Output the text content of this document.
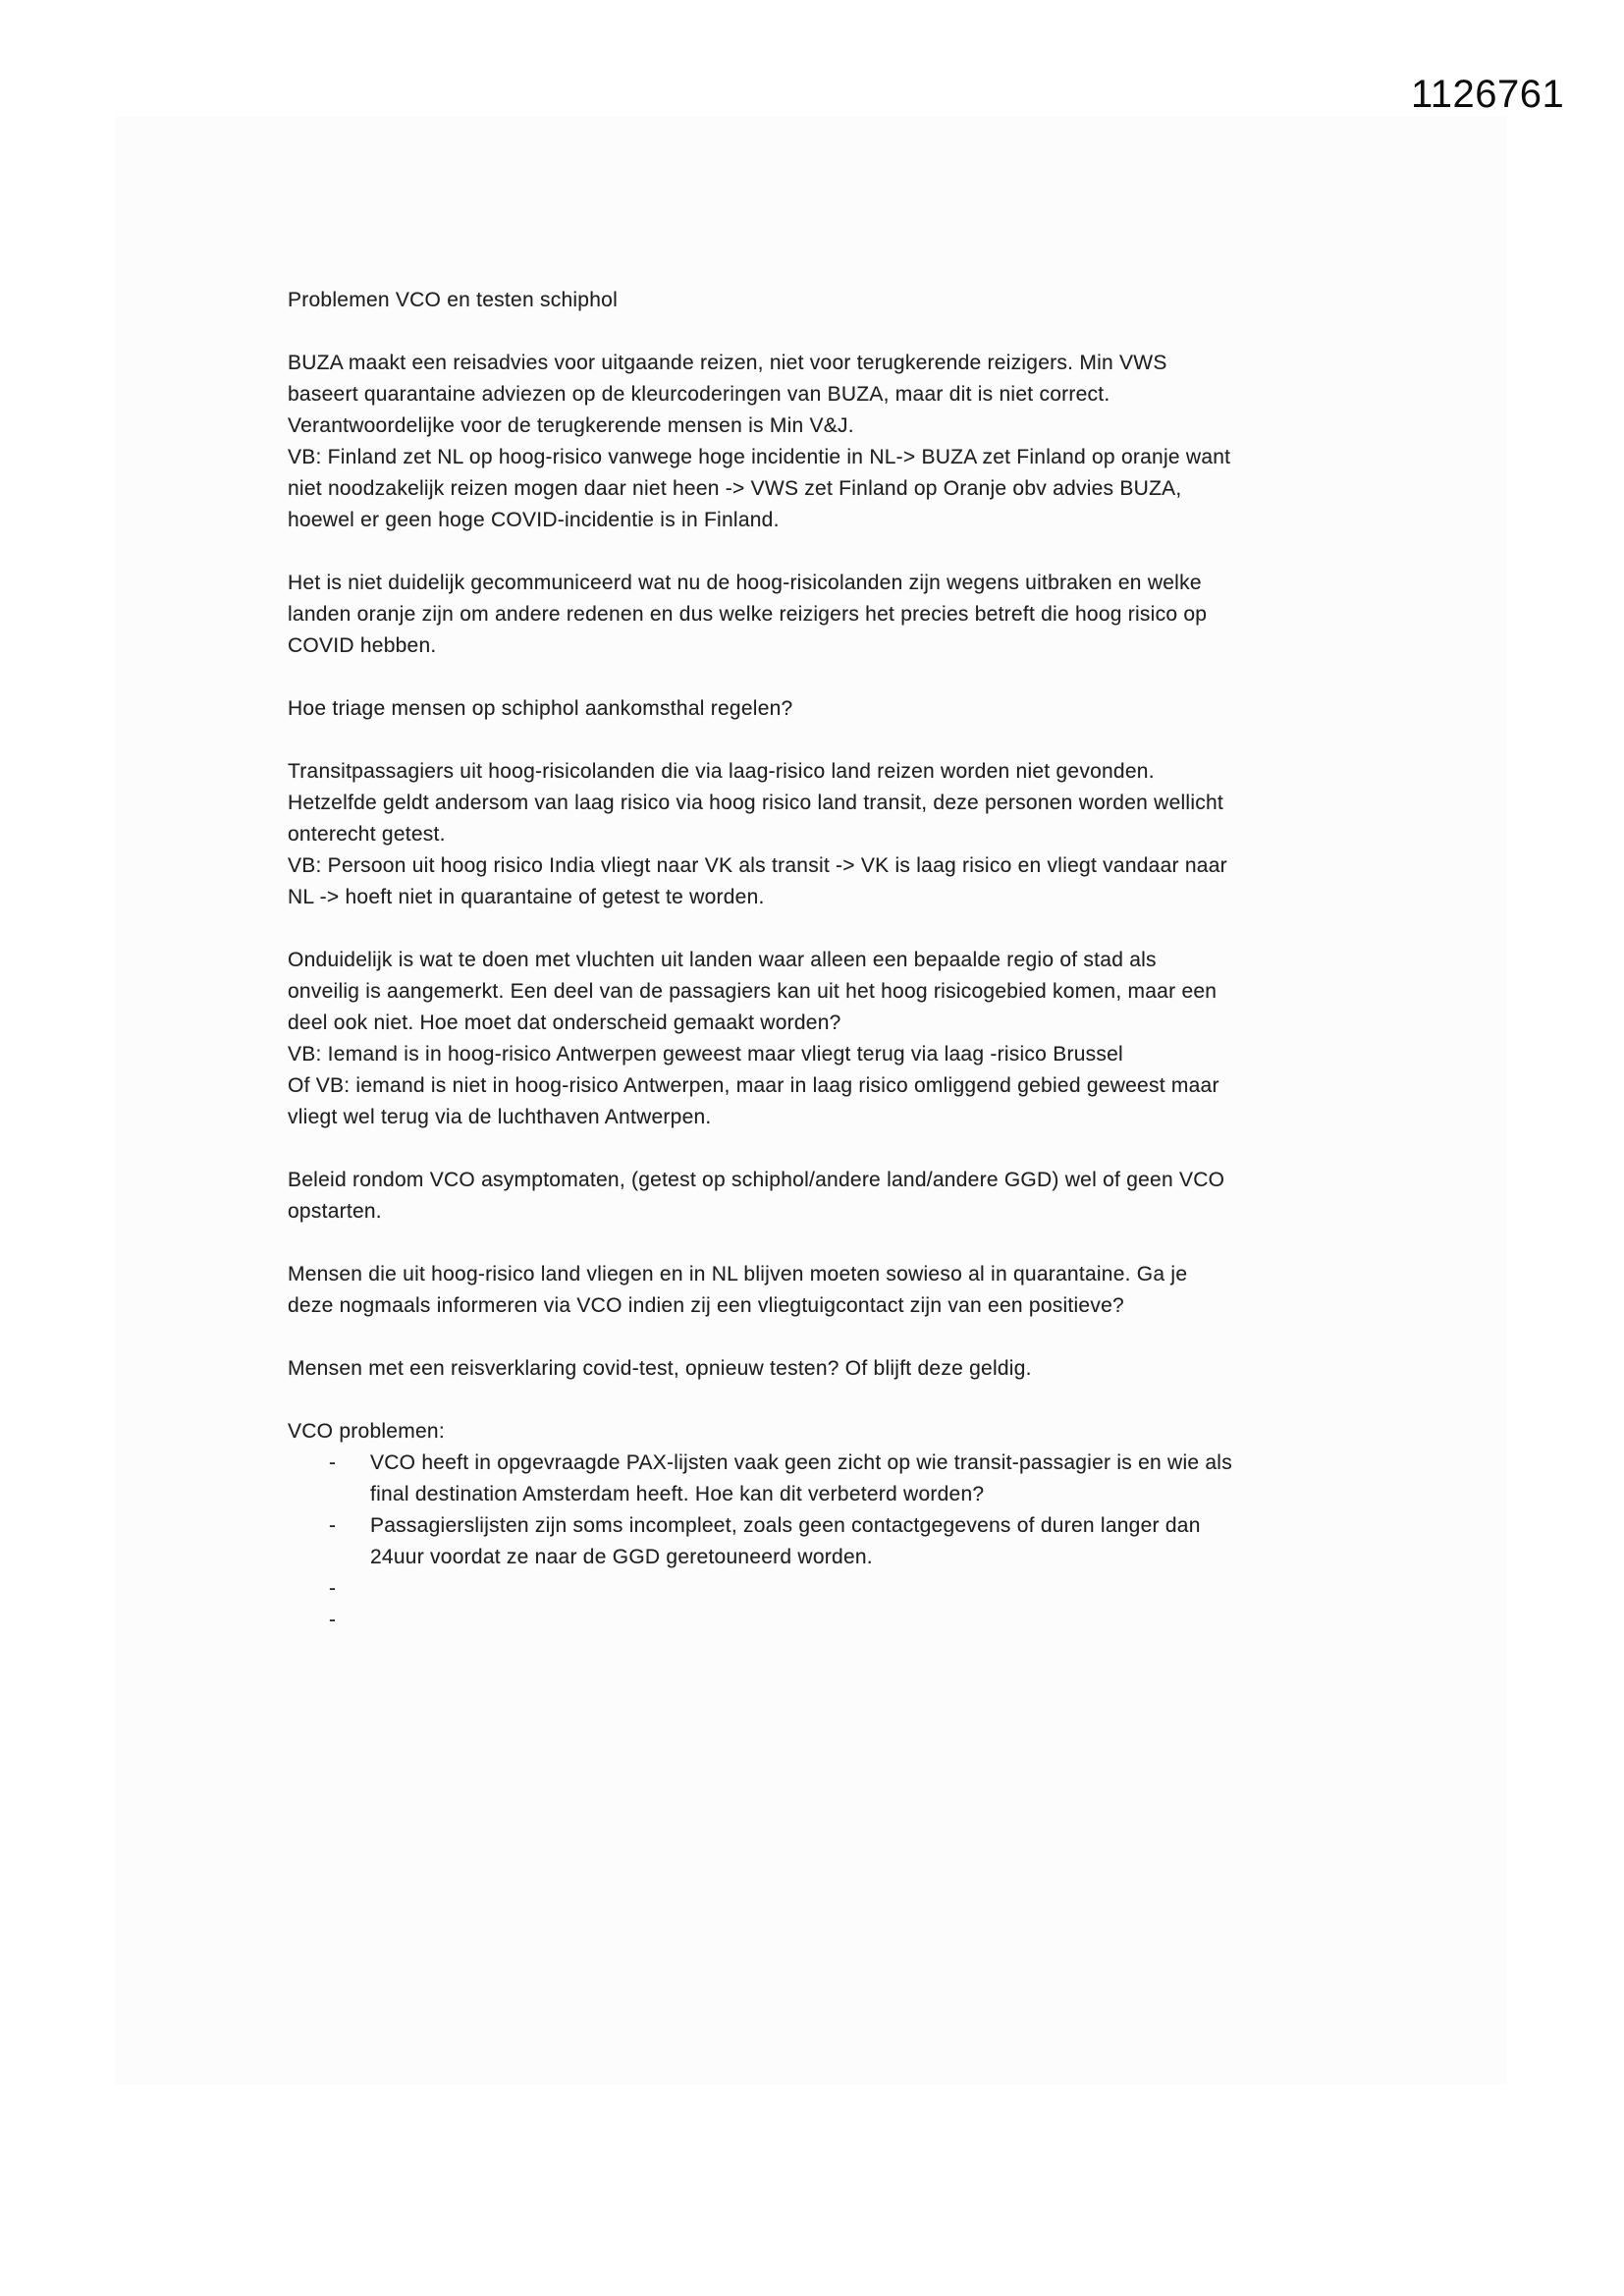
1126761
Problemen VCO en testen schiphol
BUZA maakt een reisadvies voor uitgaande reizen, niet voor terugkerende reizigers. Min VWS
baseert quarantaine adviezen op de kleurcoderingen van BUZA, maar dit is niet correct.
Verantwoordelijke voor de terugkerende mensen is Min V&J.
VB: Finland zet NL op hoog-risico vanwege hoge incidentie in NL-> BUZA zet Finland op oranje want
niet noodzakelijk reizen mogen daar niet heen -> VWS zet Finland op Oranje obv advies BUZA,
hoewel er geen hoge COVID-incidentie is in Finland.
Het is niet duidelijk gecommuniceerd wat nu de hoog-risicolanden zijn wegens uitbraken en welke
landen oranje zijn om andere redenen en dus welke reizigers het precies betreft die hoog risico op
COVID hebben.
Hoe triage mensen op schiphol aankomsthal regelen?
Transitpassagiers uit hoog-risicolanden die via laag-risico land reizen worden niet gevonden.
Hetzelfde geldt andersom van laag risico via hoog risico land transit, deze personen worden wellicht
onterecht getest.
VB: Persoon uit hoog risico India vliegt naar VK als transit -> VK is laag risico en vliegt vandaar naar
NL -> hoeft niet in quarantaine of getest te worden.
Onduidelijk is wat te doen met vluchten uit landen waar alleen een bepaalde regio of stad als
onveilig is aangemerkt. Een deel van de passagiers kan uit het hoog risicogebied komen, maar een
deel ook niet. Hoe moet dat onderscheid gemaakt worden?
VB: Iemand is in hoog-risico Antwerpen geweest maar vliegt terug via laag -risico Brussel
Of VB: iemand is niet in hoog-risico Antwerpen, maar in laag risico omliggend gebied geweest maar
vliegt wel terug via de luchthaven Antwerpen.
Beleid rondom VCO asymptomaten, (getest op schiphol/andere land/andere GGD) wel of geen VCO
opstarten.
Mensen die uit hoog-risico land vliegen en in NL blijven moeten sowieso al in quarantaine. Ga je
deze nogmaals informeren via VCO indien zij een vliegtuigcontact zijn van een positieve?
Mensen met een reisverklaring covid-test, opnieuw testen? Of blijft deze geldig.
VCO problemen:
- VCO heeft in opgevraagde PAX-lijsten vaak geen zicht op wie transit-passagier is en wie als
final destination Amsterdam heeft. Hoe kan dit verbeterd worden?
- Passagierslijsten zijn soms incompleet, zoals geen contactgegevens of duren langer dan
24uur voordat ze naar de GGD geretouneerd worden.
-
-
